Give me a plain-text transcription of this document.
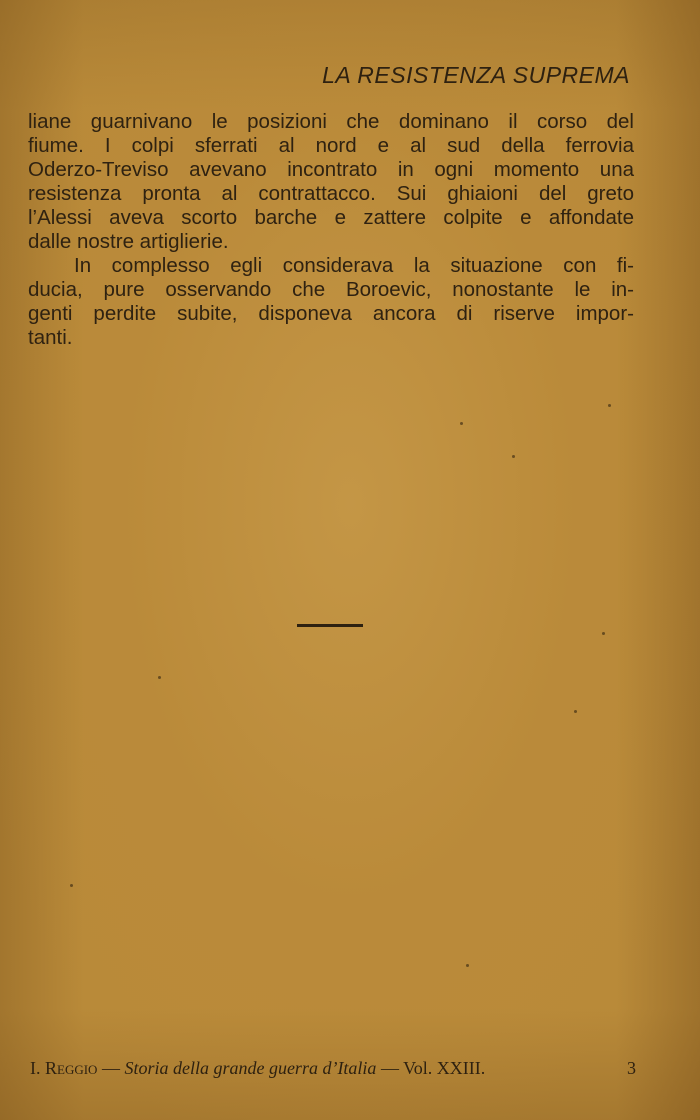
LA RESISTENZA SUPREMA
liane guarnivano le posizioni che dominano il corso del
fiume. I colpi sferrati al nord e al sud della ferrovia
Oderzo-Treviso avevano incontrato in ogni momento una
resistenza pronta al contrattacco. Sui ghiaioni del greto
l’Alessi aveva scorto barche e zattere colpite e affondate
dalle nostre artiglierie.
In complesso egli considerava la situazione con fi-
ducia, pure osservando che Boroevic, nonostante le in-
genti perdite subite, disponeva ancora di riserve impor-
tanti.
I. Reggio — Storia della grande guerra d’Italia — Vol. XXIII.	3
